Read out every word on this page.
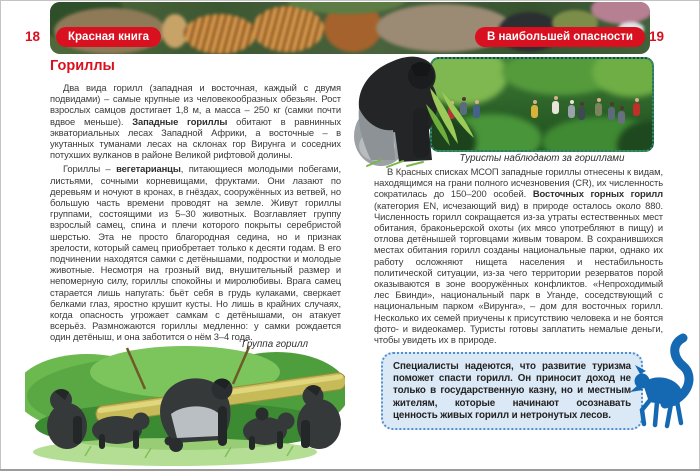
18	Красная книга	В наибольшей опасности	19
Гориллы

Два вида горилл (западная и восточная, каждый с двумя подвидами) – самые крупные из человекообразных обезьян. Рост взрослых самцов достигает 1,8 м, а масса – 250 кг (самки почти вдвое меньше). Западные гориллы обитают в равнинных экваториальных лесах Западной Африки, а восточные – в укутанных туманами лесах на склонах гор Вирунга и соседних потухших вулканов в районе Великой рифтовой долины.

Гориллы – вегетарианцы, питающиеся молодыми побегами, листьями, сочными корневищами, фруктами. Они лазают по деревьям и ночуют в кронах, в гнёздах, сооружённых из ветвей, но большую часть времени проводят на земле. Живут гориллы группами, состоящими из 5–30 животных. Возглавляет группу взрослый самец, спина и плечи которого покрыты серебристой шерстью. Эта не просто благородная седина, но и признак зрелости, который самец приобретает только к десяти годам. В его подчинении находятся самки с детёнышами, подростки и молодые животные. Несмотря на грозный вид, внушительный размер и непомерную силу, гориллы спокойны и миролюбивы. Врага самец старается лишь напугать: бьёт себя в грудь кулаками, сверкает белками глаз, яростно крушит кусты. Но лишь в крайних случаях, когда опасность угрожает самкам с детёнышами, он атакует всерьёз. Размножаются гориллы медленно: у самки рождается один детёныш, и она заботится о нём 3–4 года.

Группа горилл
Туристы наблюдают за гориллами

В Красных списках МСОП западные гориллы отнесены к видам, находящимся на грани полного исчезновения (CR), их численность сократилась до 150–200 особей. Восточных горных горилл (категория EN, исчезающий вид) в природе осталось около 880. Численность горилл сокращается из-за утраты естественных мест обитания, браконьерской охоты (их мясо употребляют в пищу) и отлова детёнышей торговцами живым товаром. В сохранившихся местах обитания горилл созданы национальные парки, однако их работу осложняют нищета населения и нестабильность политической ситуации, из-за чего территории резерватов порой оказываются в зоне вооружённых конфликтов. «Непроходимый лес Бвинди», национальный парк в Уганде, соседствующий с национальным парком «Вирунга», – дом для восточных горилл. Несколько их семей приучены к присутствию человека и не боятся фото- и видеокамер. Туристы готовы заплатить немалые деньги, чтобы увидеть их в природе.

Специалисты надеются, что развитие туризма поможет спасти горилл. Он приносит доход не только в государственную казну, но и местным жителям, которые начинают осознавать ценность живых горилл и нетронутых лесов.
